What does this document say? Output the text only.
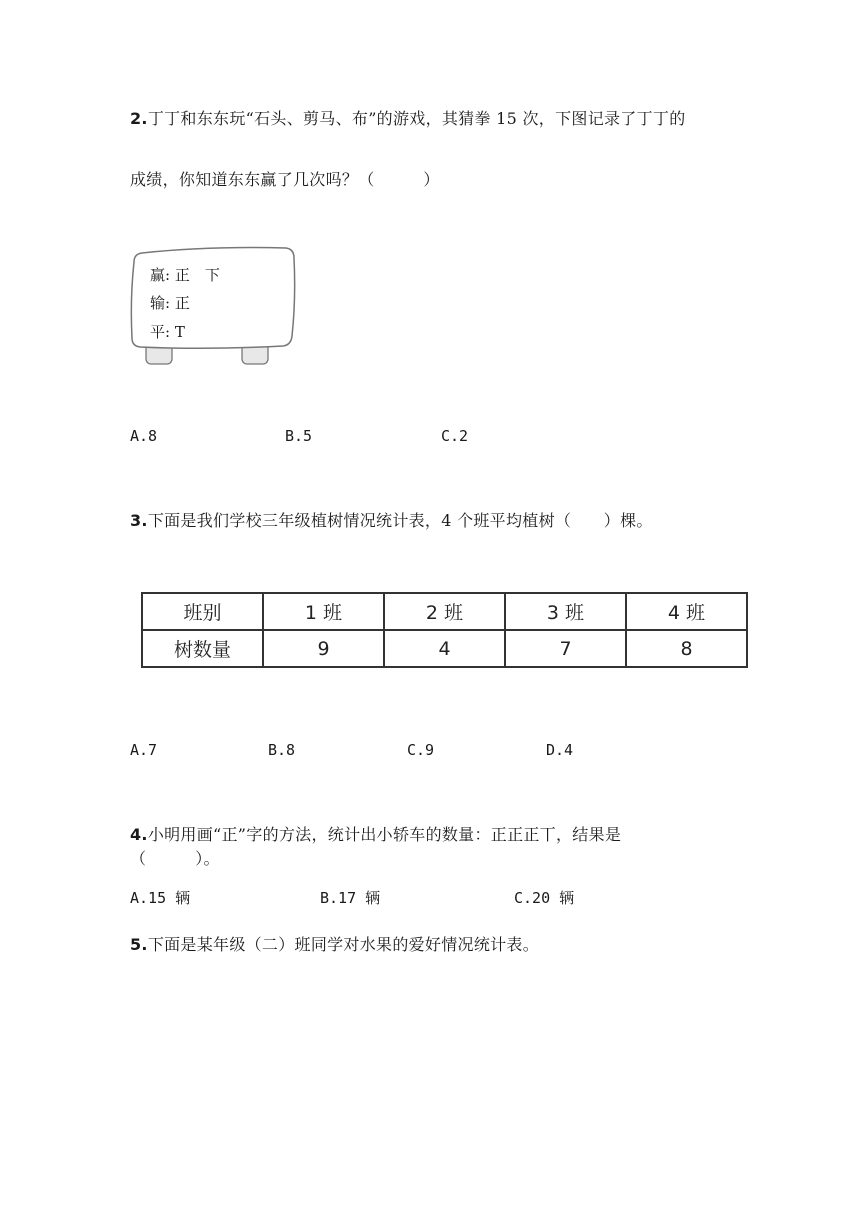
2.丁丁和东东玩“石头、剪马、布”的游戏，其猜拳 15 次，下图记录了丁丁的
成绩，你知道东东赢了几次吗？（　　　）
赢: 正　下
输: 正
平: T
A.8	B.5	C.2
3.下面是我们学校三年级植树情况统计表，4 个班平均植树（　　）棵。
班别	1 班	2 班	3 班	4 班
树数量	9	4	7	8
A.7	B.8	C.9	D.4
4.小明用画“正”字的方法，统计出小轿车的数量：正正正丅，结果是
（　　　）。
A.15 辆	B.17 辆	C.20 辆
5.下面是某年级（二）班同学对水果的爱好情况统计表。
